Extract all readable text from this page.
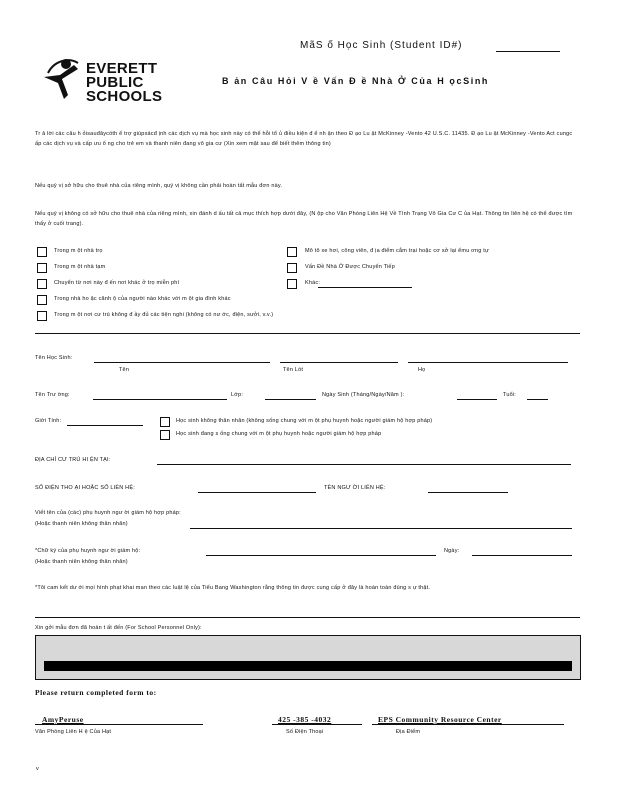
MãS ố Học Sinh (Student ID#)
EVERETT
PUBLIC
SCHOOLS
B ản Câu Hỏi V ề Vấn Đ ề Nhà Ở Của H ọcSinh
Tr ả lời các câu h ỏisauđâycóth ể trợ giúpxácđ ịnh các dịch vụ mà học sinh này có thể hỗi tổ ủ điều kiện đ ể nh ận theo Đ ạo Lu ật McKinney -Vento 42 U.S.C. 11435. Đ ạo Lu ật McKinney -Vento Act cungc ấp các dịch vụ và cấp ưu ổ ng cho trẻ em và thanh niên đang vô gia cư (Xin xem mặt sau để biết thêm thông tin)
Nếu quý vị sở hữu cho thuê nhà của riêng mình, quý vị không cần phải hoàn tất mẫu đơn này.
Nếu quý vị không có sở hữu cho thuê nhà của riêng mình, xin đánh d ấu tất cả mục thích hợp dưới đây, (N ộp cho Văn Phòng Liên Hệ Về Tình Trạng Vô Gia Cư C ủa Hạt. Thông tin liên hệ có thể được tìm thấy ở cuối trang).
Trong m ột nhà trọ
Trong m ột nhà tạm
Chuyển từ nơi này đ ến nơi khác ở trọ miễn phí
Trong nhà ho ặc cănh ộ của người nào khác với m ột gia đình khác
Trong m ột nơi cư trú không đ ầy đủ các tiện nghi (không có nư ớc, điện, sưởi, v.v.)
Mô tô xe hơi, công viên, đ ịa điểm cắm trại hoặc cơ sở lại ểmu ơng tự
Vấn Đề Nhà Ở Được Chuyển Tiếp
Khác:
Tên Học Sinh:
Tên	Tên Lót	Họ
Tên Trư ờng:	Lớp:	Ngày Sinh (Tháng/Ngày/Năm ):	Tuổi:
Giới Tính:	Học sinh không thân nhân (không sống chung với m ột phụ huynh hoặc người giám hộ hợp pháp)
Học sinh đang s ống chung với m ột phụ huynh hoặc người giám hộ hợp pháp
ĐỊA CHỈ CƯ TRÚ HI ỆN TẠI:
SỐ ĐIỆN THO ẠI HOẶC SỐ LIÊN HỆ:	TÊN NGƯ ỜI LIÊN HỆ:
Viết tên của (các) phụ huynh ngư ời giám hộ hợp pháp:
(Hoặc thanh niên không thân nhân)
*Chữ ký của phụ huynh ngư ời giám hộ:	Ngày:
(Hoặc thanh niên không thân nhân)
*Tôi cam kết dư ới mọi hình phạt khai man theo các luật lệ của Tiểu Bang Washington rằng thông tin được cung cấp ở đây là hoàn toàn đúng s ự thật.
Xin gởi mẫu đơn đã hoàn t ất đến (For School Personnel Only):
Please return completed form to:
AmyPeruse	425 -385 -4032	EPS Community Resource Center
Văn Phòng Liên H ệ Của Hạt	Số Điện Thoại	Địa Điểm
v
